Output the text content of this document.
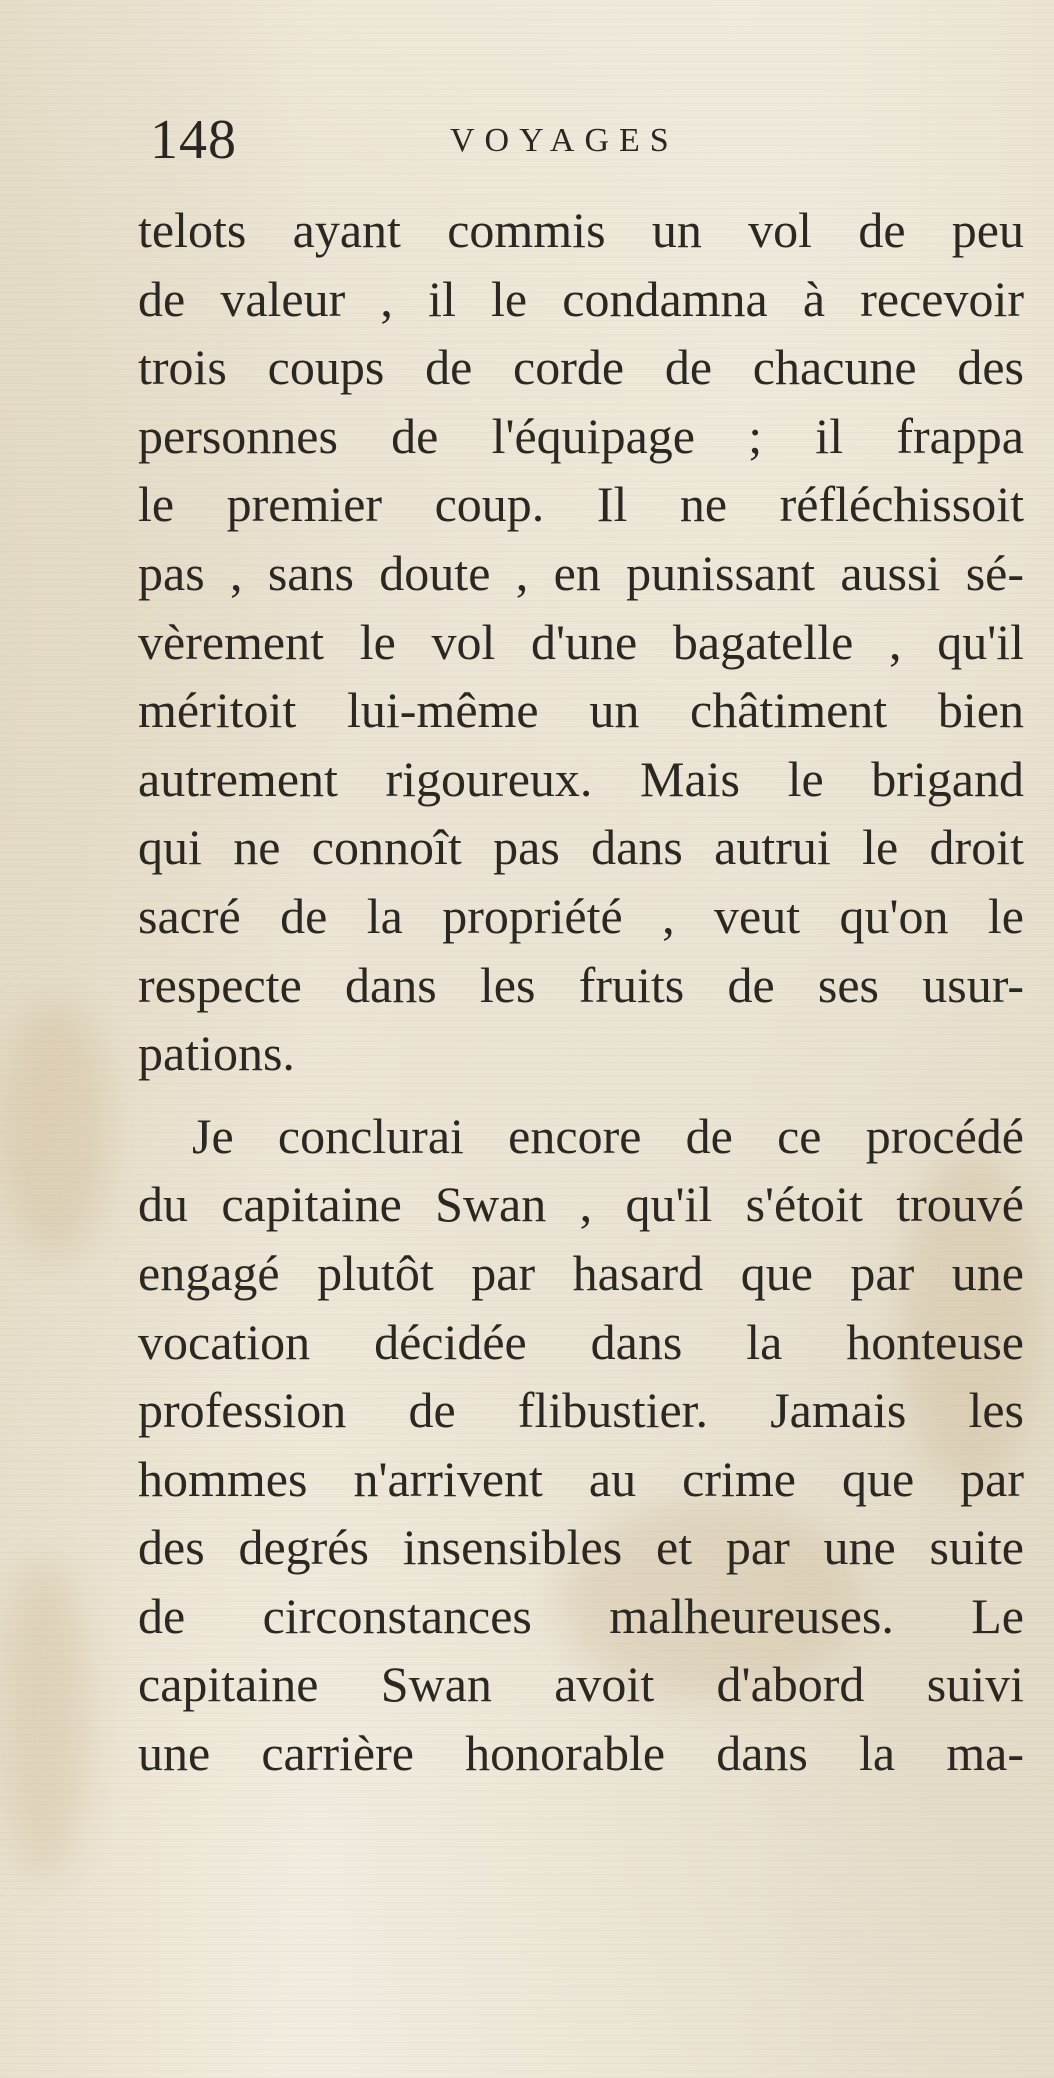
148	VOYAGES
telots ayant commis un vol de peu
de valeur , il le condamna à recevoir
trois coups de corde de chacune des
personnes de l'équipage ; il frappa
le premier coup. Il ne réfléchissoit
pas , sans doute , en punissant aussi sé-
vèrement le vol d'une bagatelle , qu'il
méritoit lui-même un châtiment bien
autrement rigoureux. Mais le brigand
qui ne connoît pas dans autrui le droit
sacré de la propriété , veut qu'on le
respecte dans les fruits de ses usur-
pations.
Je conclurai encore de ce procédé
du capitaine Swan , qu'il s'étoit trouvé
engagé plutôt par hasard que par une
vocation décidée dans la honteuse
profession de flibustier. Jamais les
hommes n'arrivent au crime que par
des degrés insensibles et par une suite
de circonstances malheureuses. Le
capitaine Swan avoit d'abord suivi
une carrière honorable dans la ma-
